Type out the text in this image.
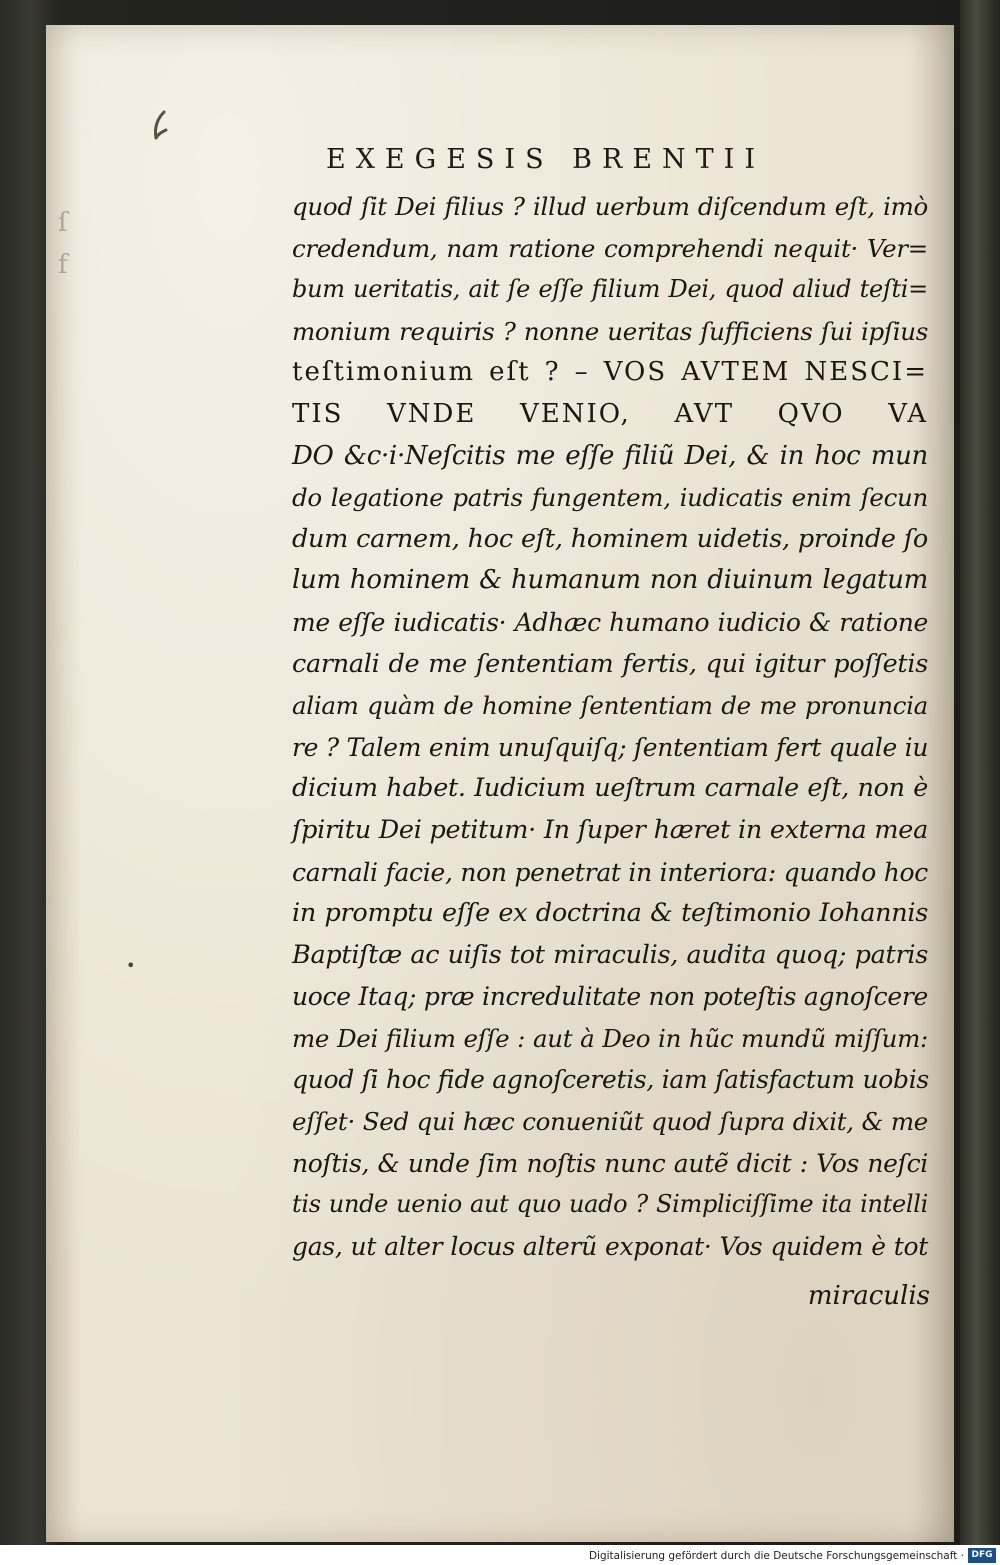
ſ
f
•
EXEGESIS BRENTII
quod ſit Dei filius ? illud uerbum diſcendum eſt, imò
credendum, nam ratione comprehendi nequit· Ver=
bum ueritatis, ait ſe eſſe filium Dei, quod aliud teſti=
monium requiris ? nonne ueritas ſufficiens ſui ipſius
teſtimonium eſt ? – VOS AVTEM NESCI=
TIS VNDE VENIO, AVT QVO VA
DO &c·i·Neſcitis me eſſe filiũ Dei, & in hoc mun
do legatione patris fungentem, iudicatis enim ſecun
dum carnem, hoc eſt, hominem uidetis, proinde ſo
lum hominem & humanum non diuinum legatum
me eſſe iudicatis· Adhæc humano iudicio & ratione
carnali de me ſententiam fertis, qui igitur poſſetis
aliam quàm de homine ſententiam de me pronuncia
re ? Talem enim unuſquiſq; ſententiam fert quale iu
dicium habet. Iudicium ueſtrum carnale eſt, non è
ſpiritu Dei petitum· In ſuper hæret in externa mea
carnali facie, non penetrat in interiora: quando hoc
in promptu eſſe ex doctrina & teſtimonio Iohannis
Baptiſtæ ac uiſis tot miraculis, audita quoq; patris
uoce Itaq; præ incredulitate non poteſtis agnoſcere
me Dei filium eſſe : aut à Deo in hũc mundũ miſſum:
quod ſi hoc fide agnoſceretis, iam ſatisfactum uobis
eſſet· Sed qui hæc conueniũt quod ſupra dixit, & me
noſtis, & unde ſim noſtis nunc autẽ dicit : Vos neſci
tis unde uenio aut quo uado ? Simpliciſſime ita intelli
gas, ut alter locus alterũ exponat· Vos quidem è tot
miraculis
Digitalisierung gefördert durch die Deutsche Forschungsgemeinschaft · DFG
